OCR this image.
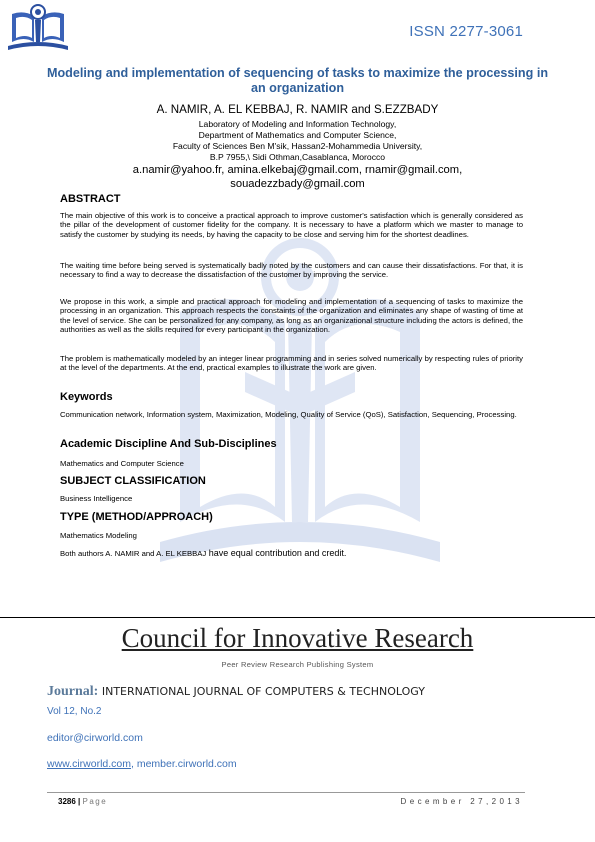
ISSN 2277-3061
Modeling and implementation of sequencing of tasks to maximize the processing in an organization
A. NAMIR, A. EL KEBBAJ, R. NAMIR and S.EZZBADY
Laboratory of Modeling and Information Technology,
Department of Mathematics and Computer Science,
Faculty of Sciences Ben M'sik, Hassan2-Mohammedia University,
B.P 7955,\ Sidi Othman,Casablanca, Morocco
a.namir@yahoo.fr, amina.elkebaj@gmail.com, rnamir@gmail.com,
souadezzbady@gmail.com
ABSTRACT
The main objective of this work is to conceive a practical approach to improve customer's satisfaction which is generally considered as the pillar of the development of customer fidelity for the company. It is necessary to have a platform which we master to manage to satisfy the customer by studying its needs, by having the capacity to be close and serving him for the shortest deadlines.
The waiting time before being served is systematically badly noted by the customers and can cause their dissatisfactions. For that, it is necessary to find a way to decrease the dissatisfaction of the customer by improving the service.
We propose in this work, a simple and practical approach for modeling and implementation of a sequencing of tasks to maximize the processing in an organization. This approach respects the constaints of the organization and eliminates any shape of wasting of time at the level of service. She can be personalized for any company, as long as an organizational structure including the actors is defined, the authorities as well as the skills required for every participant in the organization.
The problem is mathematically modeled by an integer linear programming and in series solved numerically by respecting rules of priority at the level of the departments. At the end, practical examples to illustrate the work are given.
Keywords
Communication network, Information system, Maximization, Modeling, Quality of Service (QoS), Satisfaction, Sequencing, Processing.
Academic Discipline And Sub-Disciplines
Mathematics and Computer Science
SUBJECT CLASSIFICATION
Business Intelligence
TYPE (METHOD/APPROACH)
Mathematics Modeling
Both authors A. NAMIR and A. EL KEBBAJ have equal contribution and credit.
Council for Innovative Research
Peer Review Research Publishing System
Journal: INTERNATIONAL JOURNAL OF COMPUTERS & TECHNOLOGY
Vol 12, No.2
editor@cirworld.com
www.cirworld.com, member.cirworld.com
3286 | Page	December 27,2013
